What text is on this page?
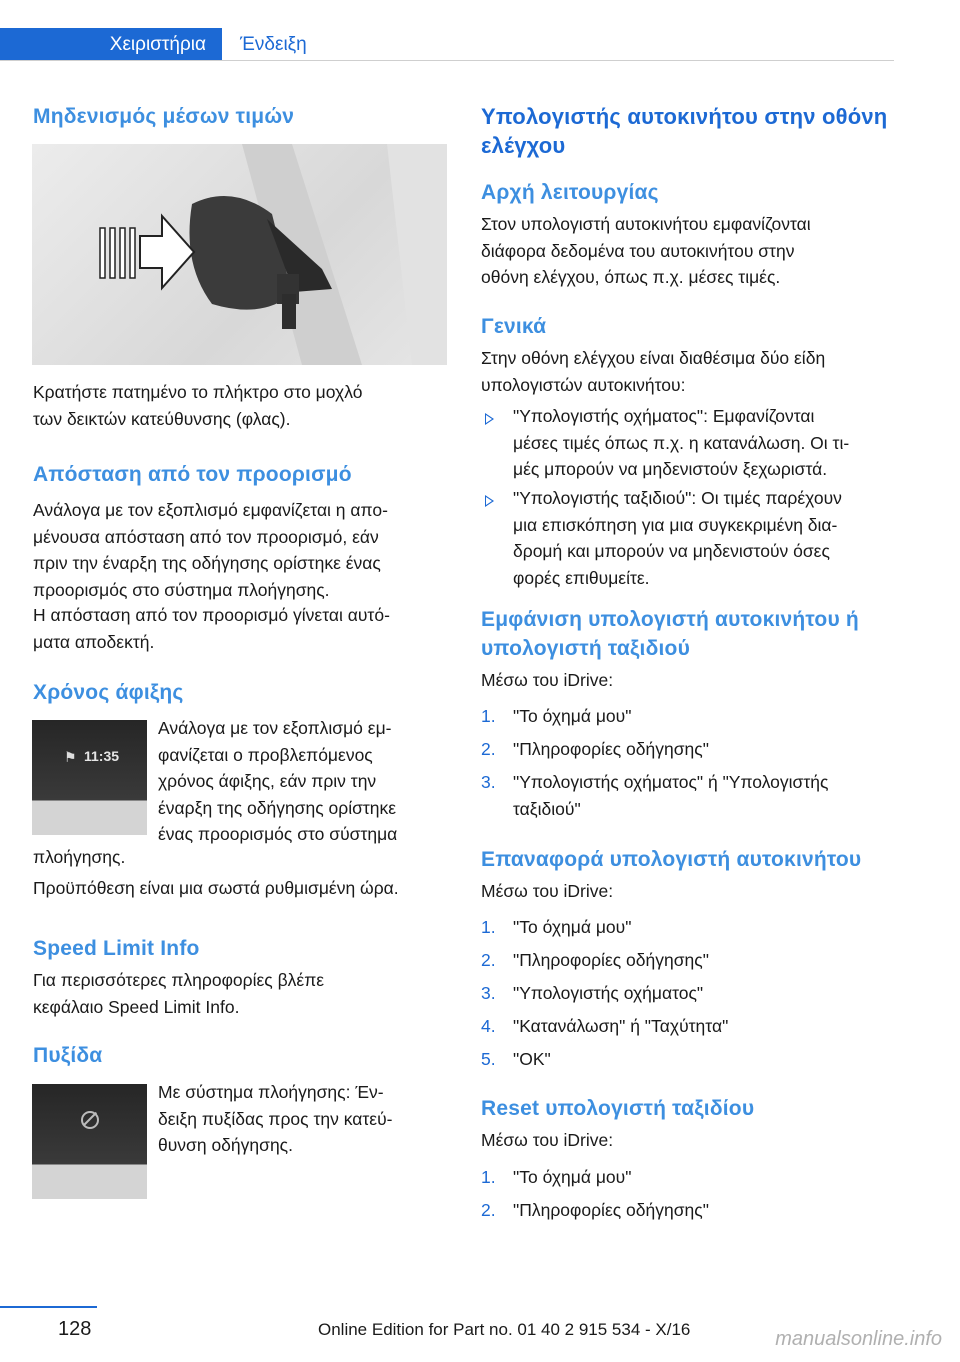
Χειριστήρια Ένδειξη
Μηδενισμός μέσων τιμών
Κρατήστε πατημένο το πλήκτρο στο μοχλό
των δεικτών κατεύθυνσης (φλας).
Απόσταση από τον προορισμό
Ανάλογα με τον εξοπλισμό εμφανίζεται η απο‐
μένουσα απόσταση από τον προορισμό, εάν
πριν την έναρξη της οδήγησης ορίστηκε ένας
προορισμός στο σύστημα πλοήγησης.
Η απόσταση από τον προορισμό γίνεται αυτό‐
ματα αποδεκτή.
Χρόνος άφιξης
⚑ 11:35
Ανάλογα με τον εξοπλισμό εμ‐
φανίζεται ο προβλεπόμενος
χρόνος άφιξης, εάν πριν την
έναρξη της οδήγησης ορίστηκε
ένας προορισμός στο σύστημα
πλοήγησης.
Προϋπόθεση είναι μια σωστά ρυθμισμένη ώρα.
Speed Limit Info
Για περισσότερες πληροφορίες βλέπε
κεφάλαιο Speed Limit Info.
Πυξίδα
Με σύστημα πλοήγησης: Έν‐
δειξη πυξίδας προς την κατεύ‐
θυνση οδήγησης.
Υπολογιστής αυτοκινήτου στην οθόνη
ελέγχου
Αρχή λειτουργίας
Στον υπολογιστή αυτοκινήτου εμφανίζονται
διάφορα δεδομένα του αυτοκινήτου στην
οθόνη ελέγχου, όπως π.χ. μέσες τιμές.
Γενικά
Στην οθόνη ελέγχου είναι διαθέσιμα δύο είδη
υπολογιστών αυτοκινήτου:
"Υπολογιστής οχήματος": Εμφανίζονται
μέσες τιμές όπως π.χ. η κατανάλωση. Οι τι‐
μές μπορούν να μηδενιστούν ξεχωριστά.
"Υπολογιστής ταξιδιού": Οι τιμές παρέχουν
μια επισκόπηση για μια συγκεκριμένη δια‐
δρομή και μπορούν να μηδενιστούν όσες
φορές επιθυμείτε.
Εμφάνιση υπολογιστή αυτοκινήτου ή
υπολογιστή ταξιδιού
Μέσω του iDrive:
1. "Το όχημά μου"
2. "Πληροφορίες οδήγησης"
3. "Υπολογιστής οχήματος" ή "Υπολογιστής
ταξιδιού"
Επαναφορά υπολογιστή αυτοκινήτου
Μέσω του iDrive:
1. "Το όχημά μου"
2. "Πληροφορίες οδήγησης"
3. "Υπολογιστής οχήματος"
4. "Κατανάλωση" ή "Ταχύτητα"
5. "OK"
Reset υπολογιστή ταξιδίου
Μέσω του iDrive:
1. "Το όχημά μου"
2. "Πληροφορίες οδήγησης"
128	Online Edition for Part no. 01 40 2 915 534 - X/16	manualsonline.info
